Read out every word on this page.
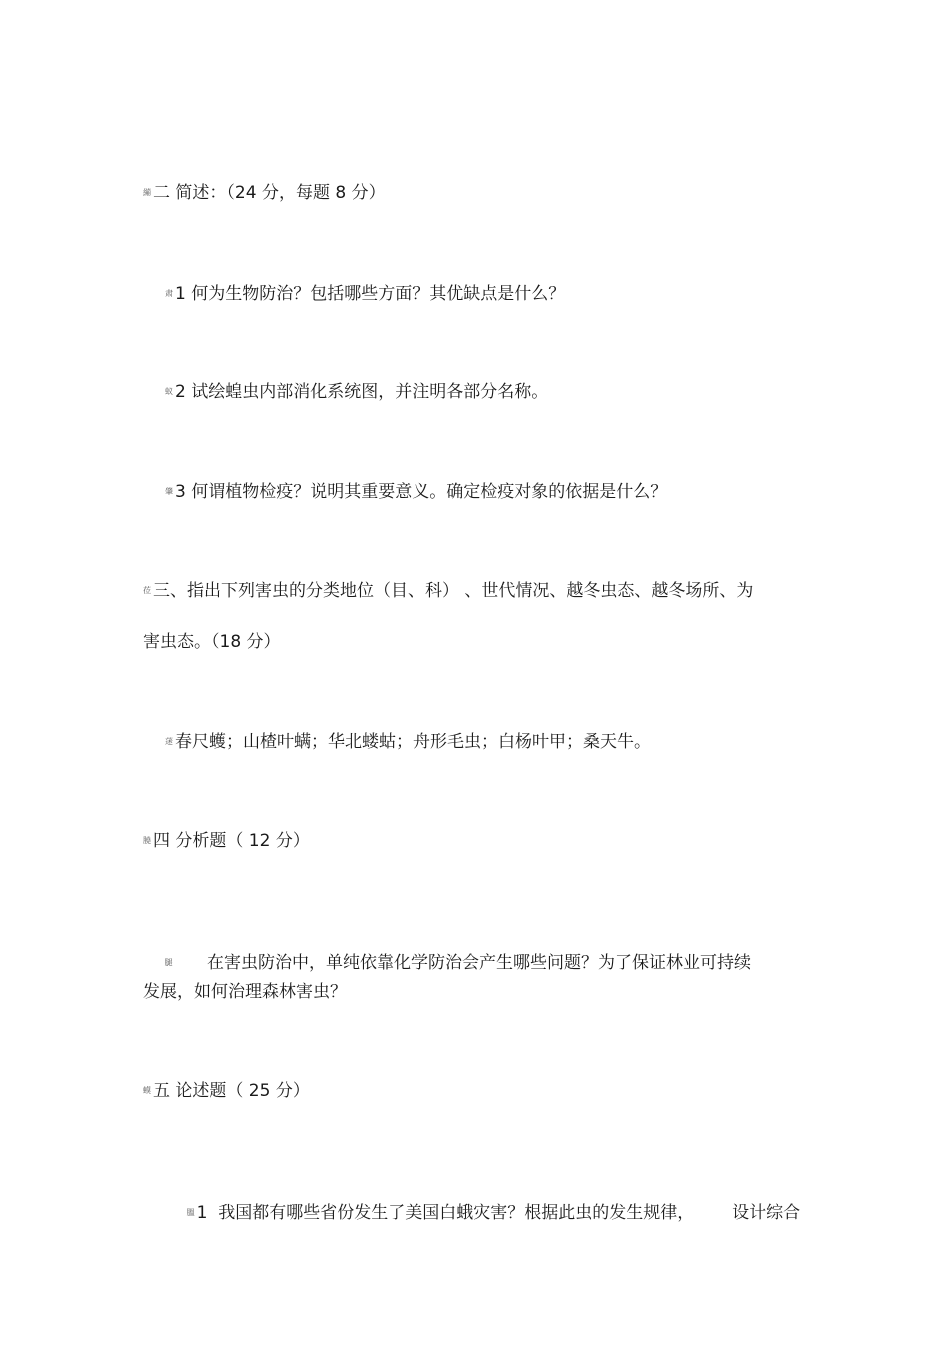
繃 二 简述：（24 分，每题 8 分）
肃 1 何为生物防治？包括哪些方面？其优缺点是什么？
蚁 2 试绘蝗虫内部消化系统图，并注明各部分名称。
肇 3 何谓植物检疫？说明其重要意义。确定检疫对象的依据是什么？
莅 三、指出下列害虫的分类地位（目、科） 、世代情况、越冬虫态、越冬场所、为
害虫态。（18 分）
蒁 春尺蠖；山楂叶螨；华北蝼蛄；舟形毛虫；白杨叶甲；桑天牛。
膮 四 分析题（ 12 分）

腿      在害虫防治中，单纯依靠化学防治会产生哪些问题？为了保证林业可持续

发展，如何治理森林害虫？
蟆 五 论述题（ 25 分）

膃 1  我国都有哪些省份发生了美国白蛾灾害？根据此虫的发生规律，       设计综合
